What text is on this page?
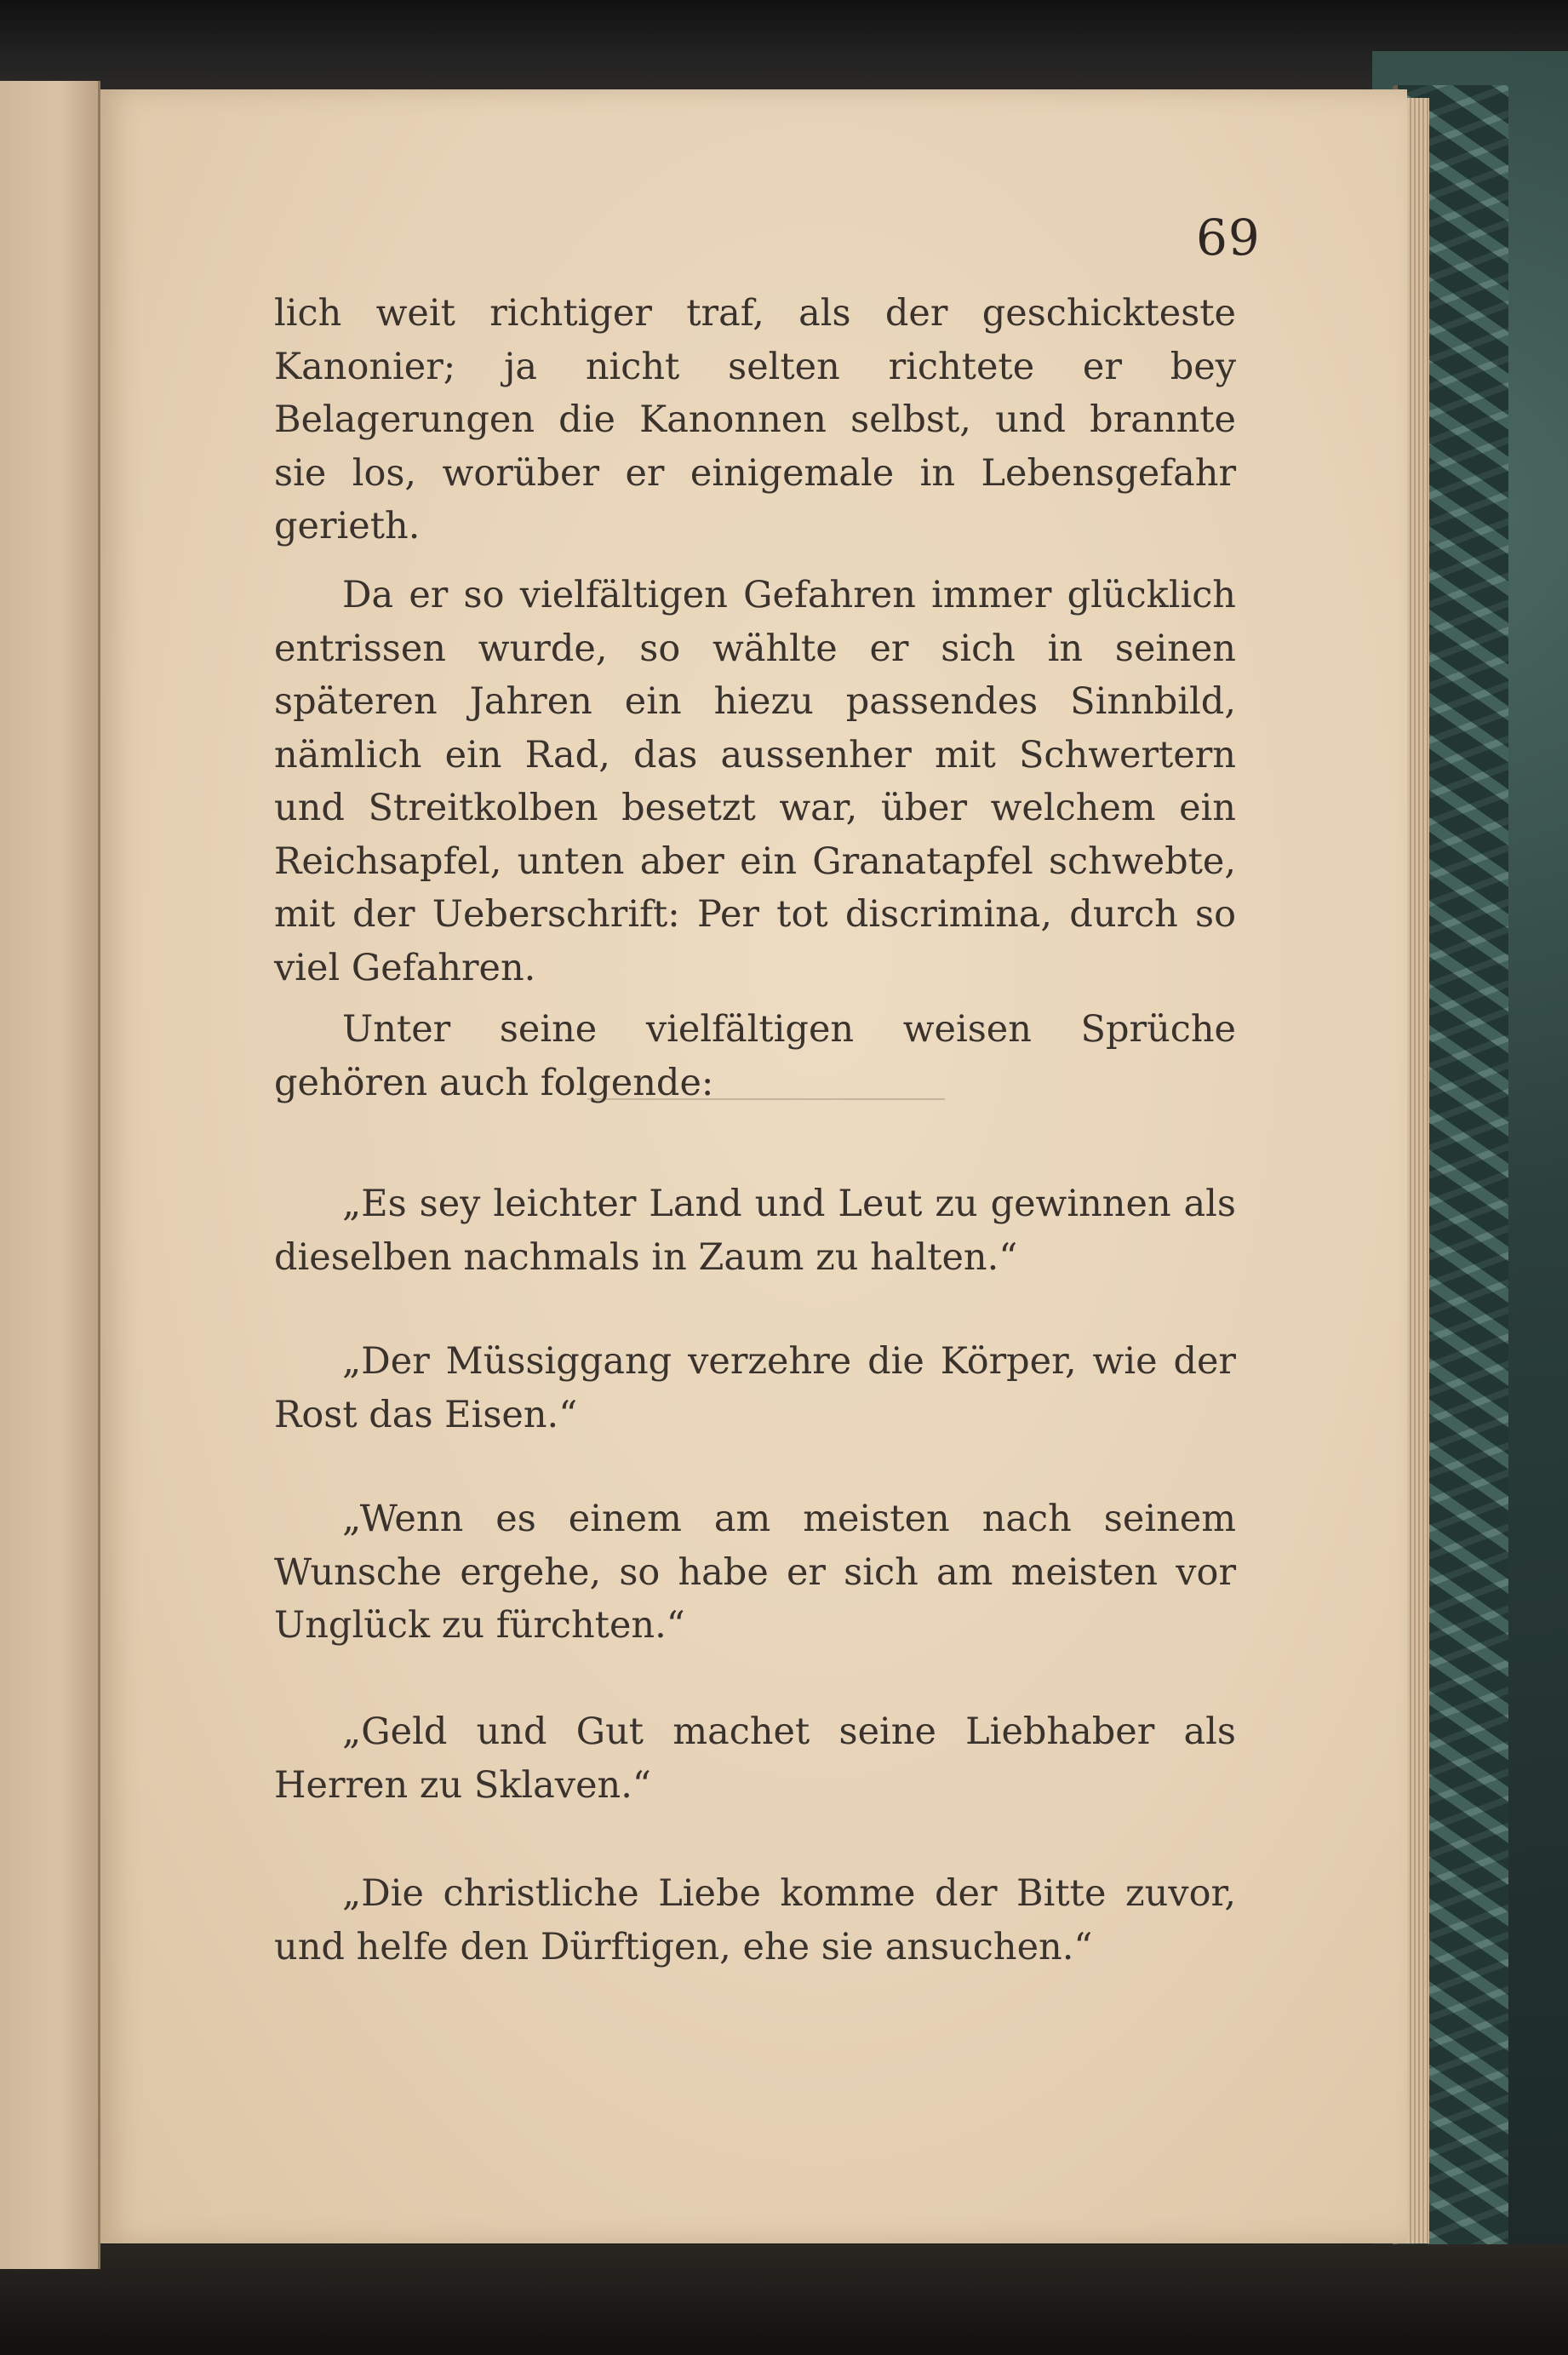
69

lich weit richtiger traf, als der geschickteste Kanonier; ja nicht selten richtete er bey Belagerungen die Kanonnen selbst, und brannte sie los, worüber er einigemale in Lebensgefahr gerieth.

Da er so vielfältigen Gefahren immer glücklich entrissen wurde, so wählte er sich in seinen späteren Jahren ein hiezu passendes Sinnbild, nämlich ein Rad, das aussenher mit Schwertern und Streitkolben besetzt war, über welchem ein Reichsapfel, unten aber ein Granatapfel schwebte, mit der Ueberschrift: Per tot discrimina, durch so viel Gefahren.

Unter seine vielfältigen weisen Sprüche gehören auch folgende:

„Es sey leichter Land und Leut zu gewinnen als dieselben nachmals in Zaum zu halten.“

„Der Müssiggang verzehre die Körper, wie der Rost das Eisen.“

„Wenn es einem am meisten nach seinem Wunsche ergehe, so habe er sich am meisten vor Unglück zu fürchten.“

„Geld und Gut machet seine Liebhaber als Herren zu Sklaven.“

„Die christliche Liebe komme der Bitte zuvor, und helfe den Dürftigen, ehe sie ansuchen.“
